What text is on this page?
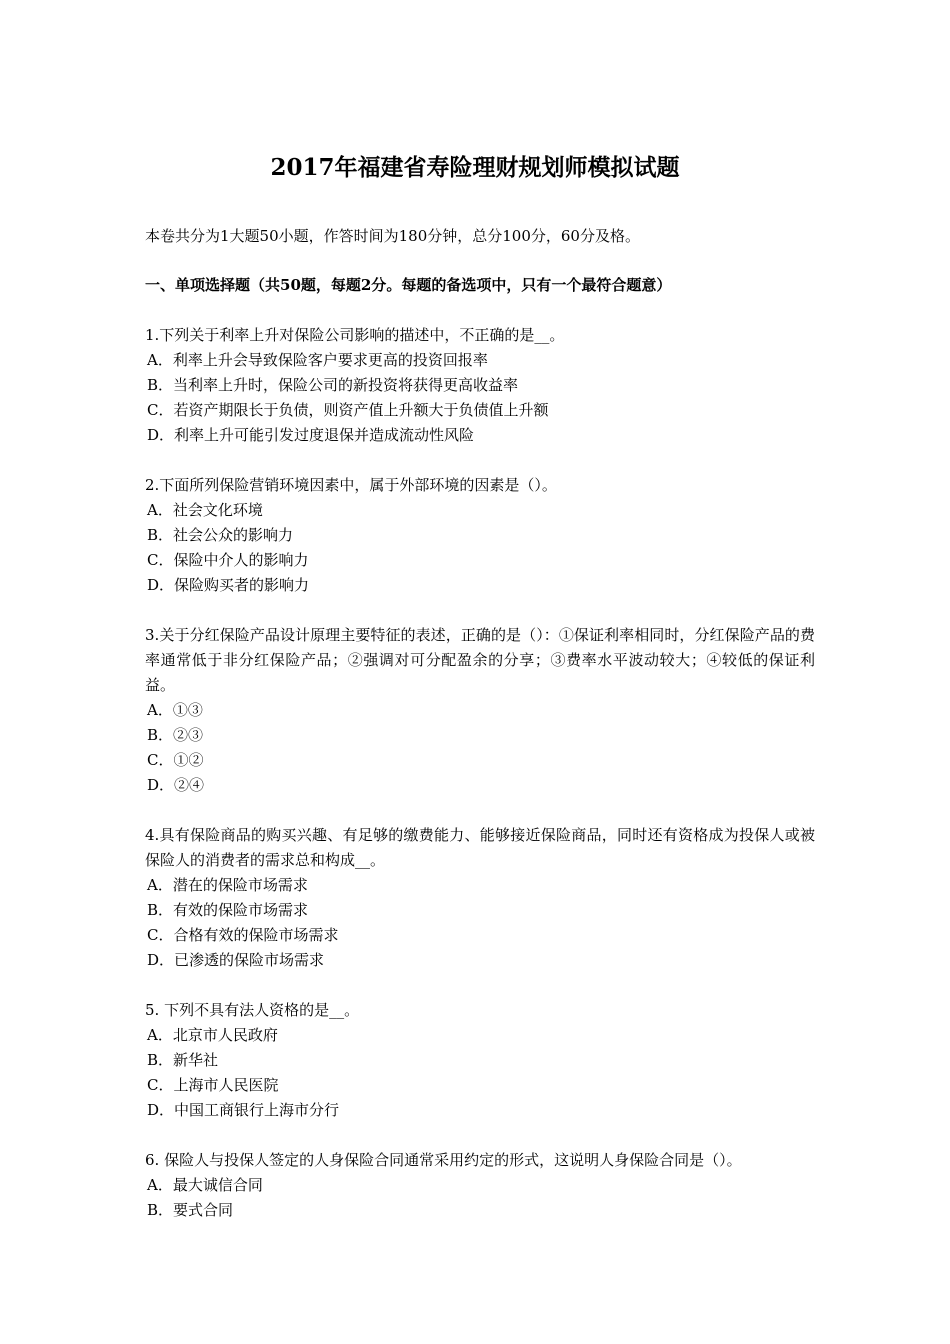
2017年福建省寿险理财规划师模拟试题
本卷共分为1大题50小题，作答时间为180分钟，总分100分，60分及格。
一、单项选择题（共50题，每题2分。每题的备选项中，只有一个最符合题意）
1.下列关于利率上升对保险公司影响的描述中，不正确的是__。
A．利率上升会导致保险客户要求更高的投资回报率
B．当利率上升时，保险公司的新投资将获得更高收益率
C．若资产期限长于负债，则资产值上升额大于负债值上升额
D．利率上升可能引发过度退保并造成流动性风险
2.下面所列保险营销环境因素中，属于外部环境的因素是（）。
A．社会文化环境
B．社会公众的影响力
C．保险中介人的影响力
D．保险购买者的影响力
3.关于分红保险产品设计原理主要特征的表述，正确的是（）：①保证利率相同时，分红保险产品的费率通常低于非分红保险产品；②强调对可分配盈余的分享；③费率水平波动较大；④较低的保证利益。
A．①③
B．②③
C．①②
D．②④
4.具有保险商品的购买兴趣、有足够的缴费能力、能够接近保险商品，同时还有资格成为投保人或被保险人的消费者的需求总和构成__。
A．潜在的保险市场需求
B．有效的保险市场需求
C．合格有效的保险市场需求
D．已渗透的保险市场需求
5. 下列不具有法人资格的是__。
A．北京市人民政府
B．新华社
C．上海市人民医院
D．中国工商银行上海市分行
6. 保险人与投保人签定的人身保险合同通常采用约定的形式，这说明人身保险合同是（）。
A．最大诚信合同
B．要式合同
